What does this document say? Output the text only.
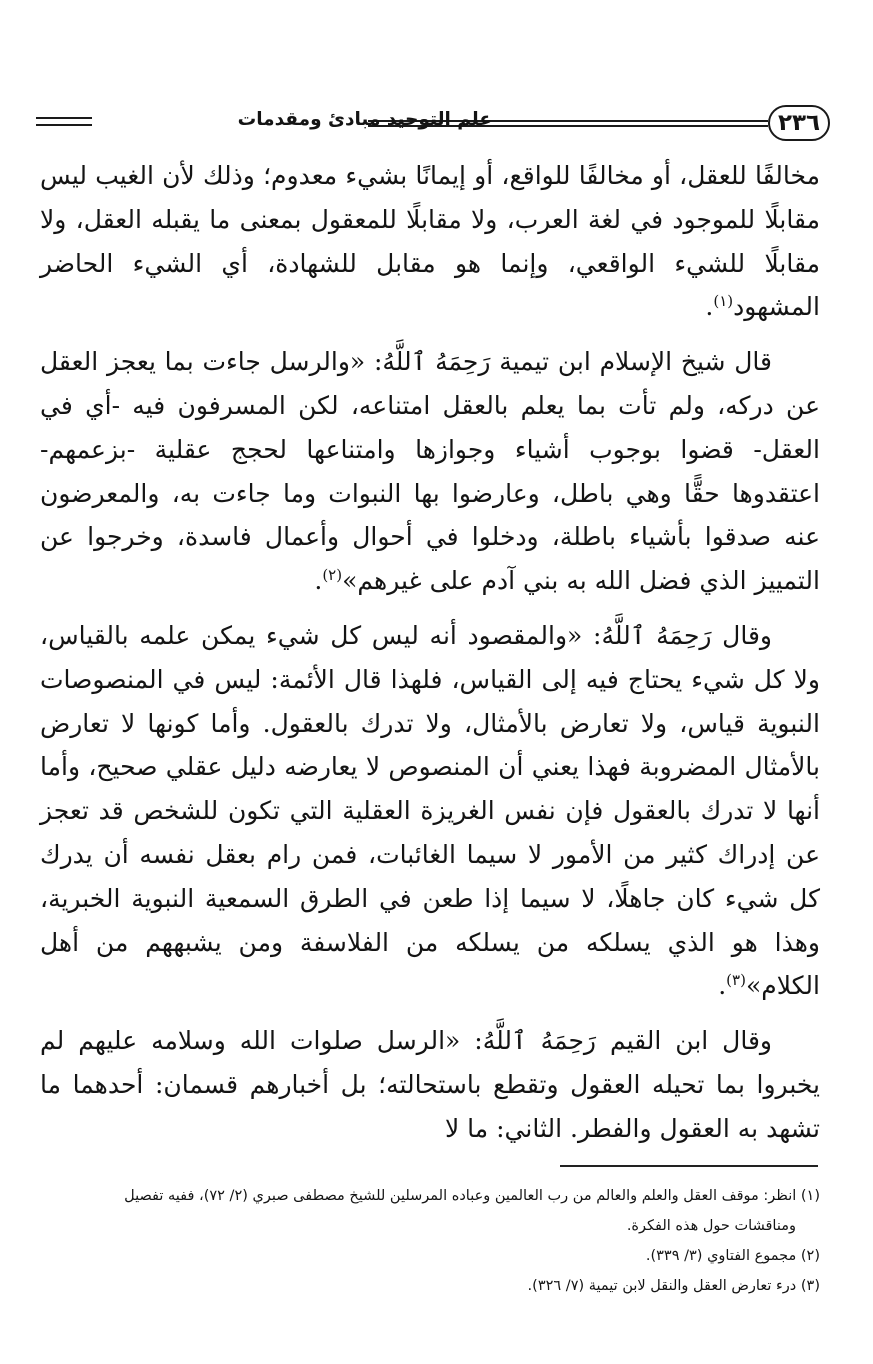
٢٣٦
علم التوحيد مبادئ ومقدمات

مخالفًا للعقل، أو مخالفًا للواقع، أو إيمانًا بشيء معدوم؛ وذلك لأن الغيب ليس مقابلًا للموجود في لغة العرب، ولا مقابلًا للمعقول بمعنى ما يقبله العقل، ولا مقابلًا للشيء الواقعي، وإنما هو مقابل للشهادة، أي الشيء الحاضر المشهود$^{(١)}$.

قال شيخ الإسلام ابن تيمية رَحِمَهُ ٱللَّهُ: «والرسل جاءت بما يعجز العقل عن دركه، ولم تأت بما يعلم بالعقل امتناعه، لكن المسرفون فيه -أي في العقل- قضوا بوجوب أشياء وجوازها وامتناعها لحجج عقلية -بزعمهم- اعتقدوها حقًّا وهي باطل، وعارضوا بها النبوات وما جاءت به، والمعرضون عنه صدقوا بأشياء باطلة، ودخلوا في أحوال وأعمال فاسدة، وخرجوا عن التمييز الذي فضل الله به بني آدم على غيرهم»$^{(٢)}$.

وقال رَحِمَهُ ٱللَّهُ: «والمقصود أنه ليس كل شيء يمكن علمه بالقياس، ولا كل شيء يحتاج فيه إلى القياس، فلهذا قال الأئمة: ليس في المنصوصات النبوية قياس، ولا تعارض بالأمثال، ولا تدرك بالعقول. وأما كونها لا تعارض بالأمثال المضروبة فهذا يعني أن المنصوص لا يعارضه دليل عقلي صحيح، وأما أنها لا تدرك بالعقول فإن نفس الغريزة العقلية التي تكون للشخص قد تعجز عن إدراك كثير من الأمور لا سيما الغائبات، فمن رام بعقل نفسه أن يدرك كل شيء كان جاهلًا، لا سيما إذا طعن في الطرق السمعية النبوية الخبرية، وهذا هو الذي يسلكه من يسلكه من الفلاسفة ومن يشبههم من أهل الكلام»$^{(٣)}$.

وقال ابن القيم رَحِمَهُ ٱللَّهُ: «الرسل صلوات الله وسلامه عليهم لم يخبروا بما تحيله العقول وتقطع باستحالته؛ بل أخبارهم قسمان: أحدهما ما تشهد به العقول والفطر. الثاني: ما لا

(١) انظر: موقف العقل والعلم والعالم من رب العالمين وعباده المرسلين للشيخ مصطفى صبري (٢/ ٧٢)، ففيه تفصيل
ومناقشات حول هذه الفكرة.
(٢) مجموع الفتاوي (٣/ ٣٣٩).
(٣) درء تعارض العقل والنقل لابن تيمية (٧/ ٣٢٦).
